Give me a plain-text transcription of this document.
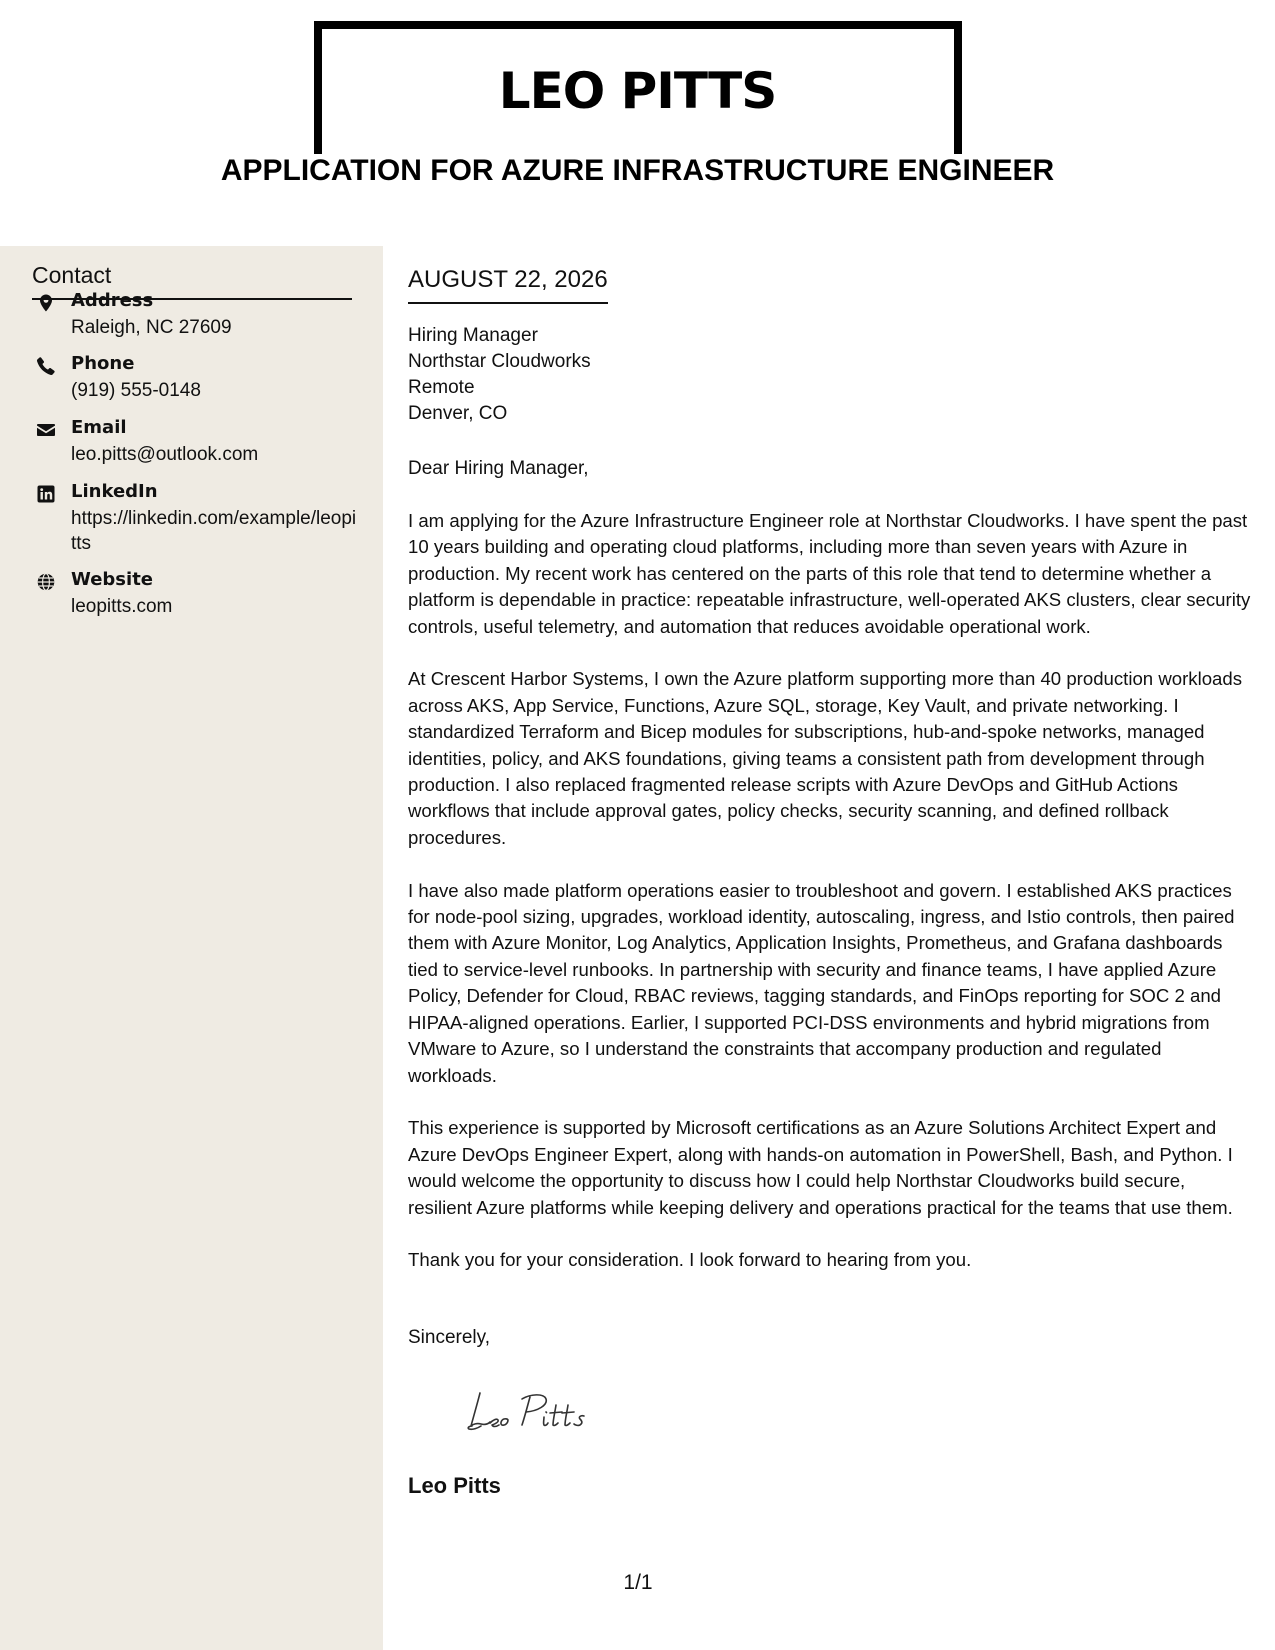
LEO PITTS
APPLICATION FOR AZURE INFRASTRUCTURE ENGINEER
Contact
Address
Raleigh, NC 27609
Phone
(919) 555-0148
Email
leo.pitts@outlook.com
LinkedIn
https://linkedin.com/example/leopitts
Website
leopitts.com
AUGUST 22, 2026
Hiring Manager
Northstar Cloudworks
Remote
Denver, CO
Dear Hiring Manager,

I am applying for the Azure Infrastructure Engineer role at Northstar Cloudworks. I have spent the past 10 years building and operating cloud platforms, including more than seven years with Azure in production. My recent work has centered on the parts of this role that tend to determine whether a platform is dependable in practice: repeatable infrastructure, well-operated AKS clusters, clear security controls, useful telemetry, and automation that reduces avoidable operational work.

At Crescent Harbor Systems, I own the Azure platform supporting more than 40 production workloads across AKS, App Service, Functions, Azure SQL, storage, Key Vault, and private networking. I standardized Terraform and Bicep modules for subscriptions, hub-and-spoke networks, managed identities, policy, and AKS foundations, giving teams a consistent path from development through production. I also replaced fragmented release scripts with Azure DevOps and GitHub Actions workflows that include approval gates, policy checks, security scanning, and defined rollback procedures.

I have also made platform operations easier to troubleshoot and govern. I established AKS practices for node-pool sizing, upgrades, workload identity, autoscaling, ingress, and Istio controls, then paired them with Azure Monitor, Log Analytics, Application Insights, Prometheus, and Grafana dashboards tied to service-level runbooks. In partnership with security and finance teams, I have applied Azure Policy, Defender for Cloud, RBAC reviews, tagging standards, and FinOps reporting for SOC 2 and HIPAA-aligned operations. Earlier, I supported PCI-DSS environments and hybrid migrations from VMware to Azure, so I understand the constraints that accompany production and regulated workloads.

This experience is supported by Microsoft certifications as an Azure Solutions Architect Expert and Azure DevOps Engineer Expert, along with hands-on automation in PowerShell, Bash, and Python. I would welcome the opportunity to discuss how I could help Northstar Cloudworks build secure, resilient Azure platforms while keeping delivery and operations practical for the teams that use them.

Thank you for your consideration. I look forward to hearing from you.

Sincerely,
Leo Pitts
1/1
